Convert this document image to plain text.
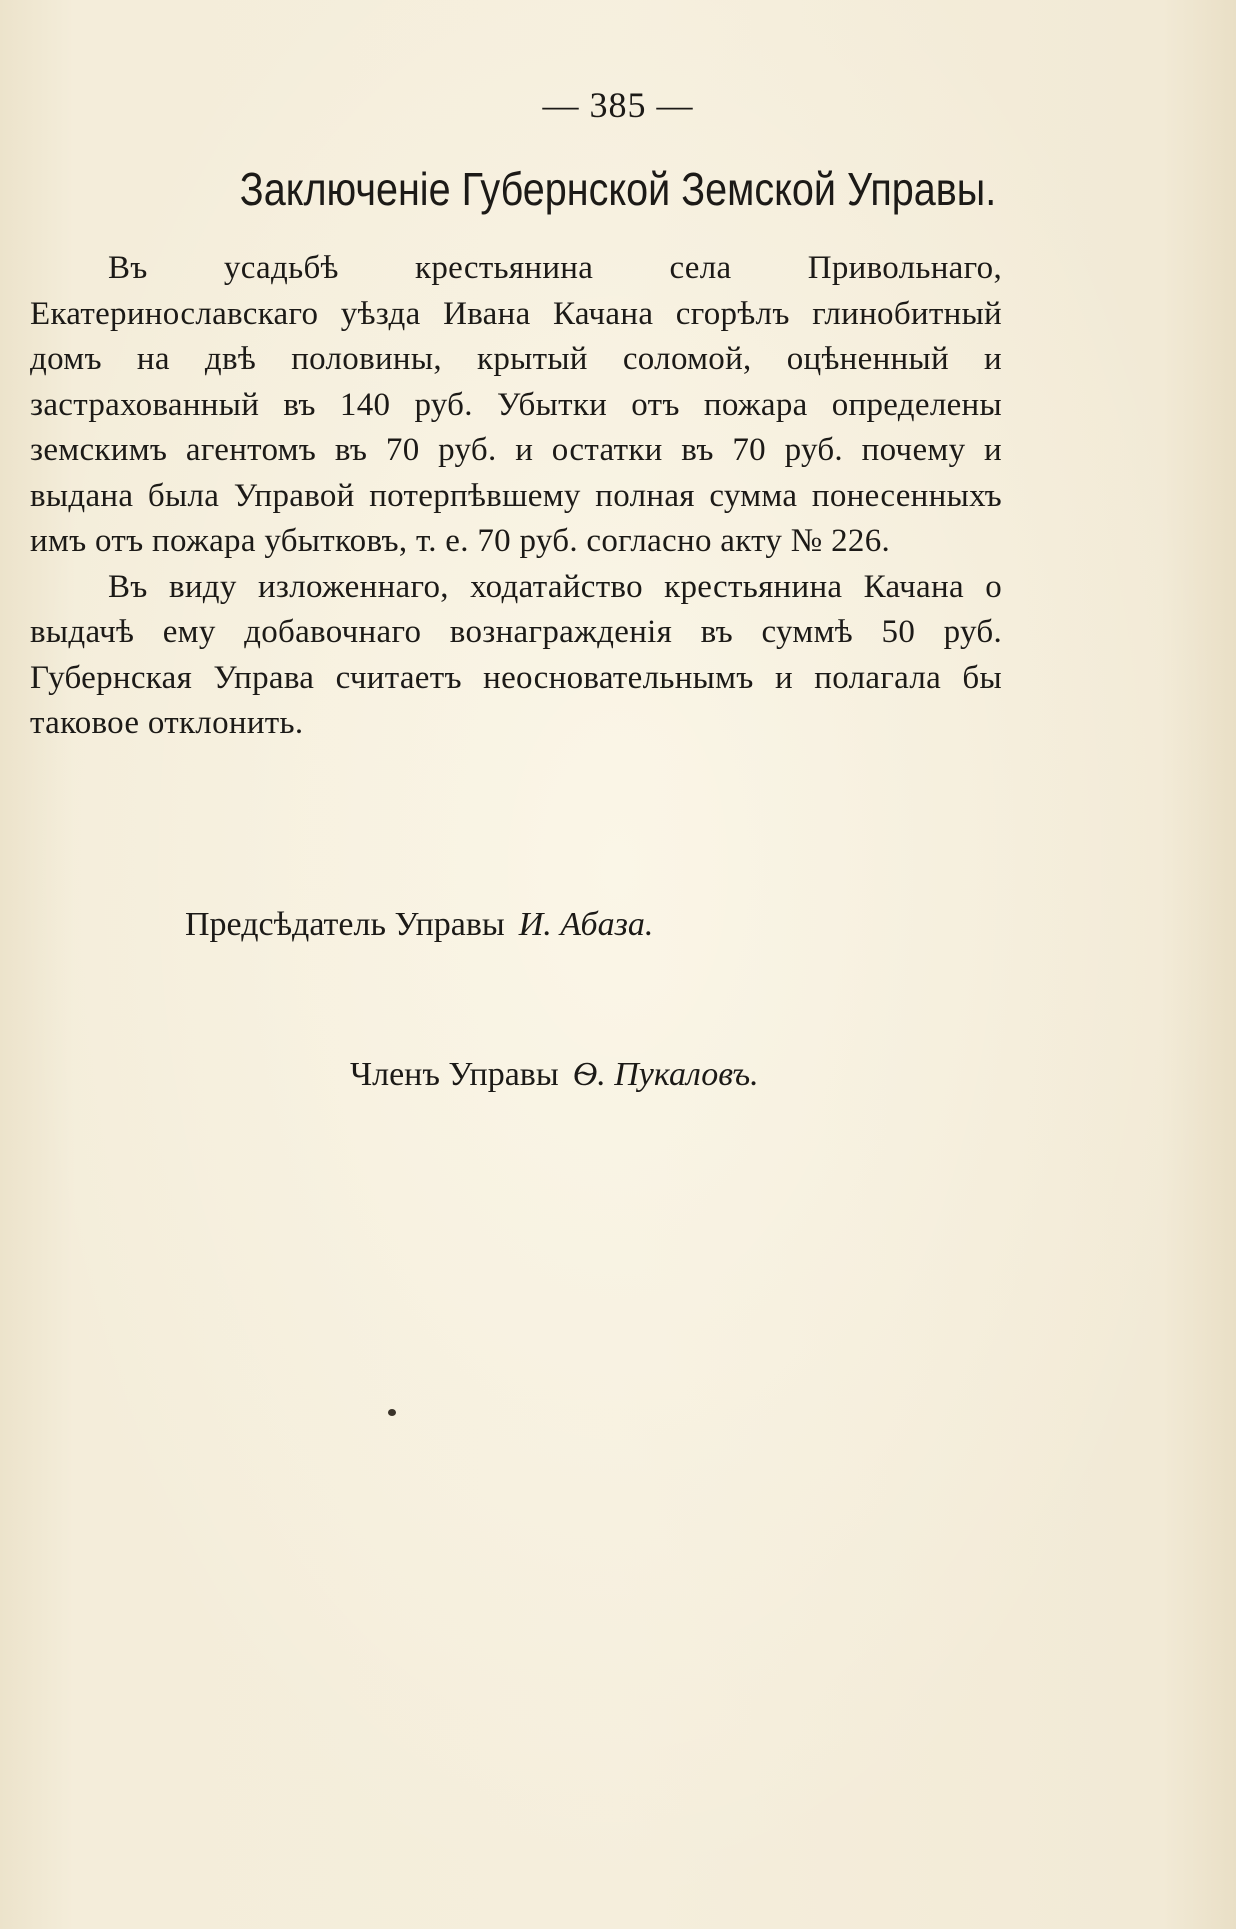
— 385 —
Заключенiе Губернской Земской Управы.

Въ усадьбѣ крестьянина села Привольнаго, Екатеринославскаго уѣзда Ивана Качана сгорѣлъ глинобитный домъ на двѣ половины, крытый соломой, оцѣненный и застрахованный въ 140 руб. Убытки отъ пожара определены земскимъ агентомъ въ 70 руб. и остатки въ 70 руб. почему и выдана была Управой потерпѣвшему полная сумма понесенныхъ имъ отъ пожара убытковъ, т. е. 70 руб. согласно акту № 226.

Въ виду изложеннаго, ходатайство крестьянина Качана о выдачѣ ему добавочнаго вознагражденiя въ суммѣ 50 руб. Губернская Управа считаетъ неосновательнымъ и полагала бы таковое отклонить.

Предсѣдатель Управы И. Абаза.
Членъ Управы Ѳ. Пукаловъ.
